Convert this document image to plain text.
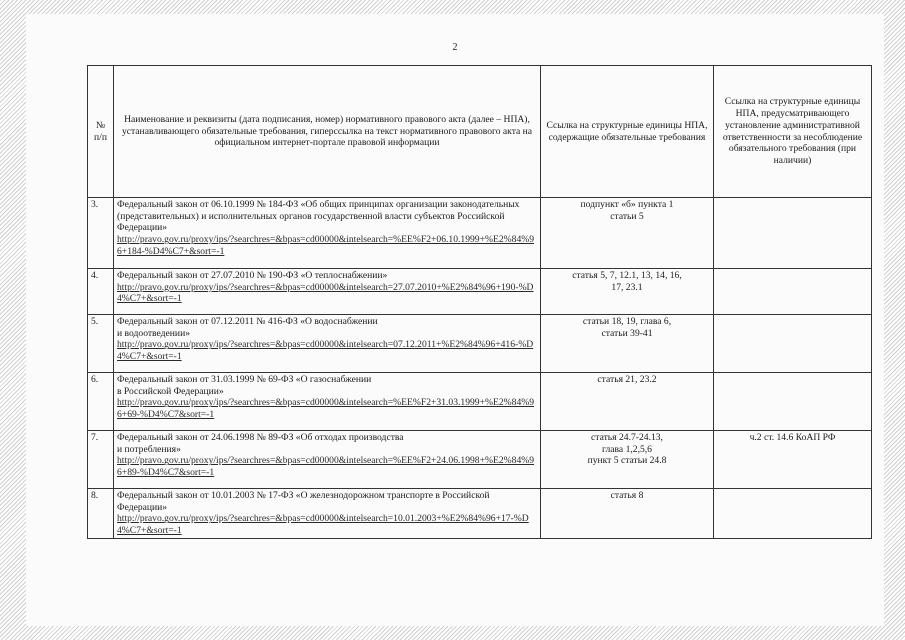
2
№
п/п	Наименование и реквизиты (дата подписания, номер) нормативного правового акта (далее – НПА), устанавливающего обязательные требования, гиперссылка на текст нормативного правового акта на официальном интернет-портале правовой информации	Ссылка на структурные единицы НПА, содержащие обязательные требования	Ссылка на структурные единицы НПА, предусматривающего установление административной ответственности за несоблюдение обязательного требования (при наличии)

3.	Федеральный закон от 06.10.1999 № 184-ФЗ «Об общих принципах организации законодательных (представительных) и исполнительных органов государственной власти субъектов Российской Федерации»
http://pravo.gov.ru/proxy/ips/?searchres=&bpas=cd00000&intelsearch=%EE%F2+06.10.1999+%E2%84%96+184-%D4%C7+&sort=-1	подпункт «б» пункта 1
статьи 5	

4.	Федеральный закон от 27.07.2010 № 190-ФЗ «О теплоснабжении»
http://pravo.gov.ru/proxy/ips/?searchres=&bpas=cd00000&intelsearch=27.07.2010+%E2%84%96+190-%D4%C7+&sort=-1	статья 5, 7, 12.1, 13, 14, 16,
17, 23.1	

5.	Федеральный закон от 07.12.2011 № 416-ФЗ «О водоснабжении
и водоотведении»
http://pravo.gov.ru/proxy/ips/?searchres=&bpas=cd00000&intelsearch=07.12.2011+%E2%84%96+416-%D4%C7+&sort=-1	статьи 18, 19, глава 6,
статьи 39-41	

6.	Федеральный закон от 31.03.1999 № 69-ФЗ «О газоснабжении
в Российской Федерации»
http://pravo.gov.ru/proxy/ips/?searchres=&bpas=cd00000&intelsearch=%EE%F2+31.03.1999+%E2%84%96+69-%D4%C7&sort=-1	статья 21, 23.2	

7.	Федеральный закон от 24.06.1998 № 89-ФЗ «Об отходах производства
и потребления»
http://pravo.gov.ru/proxy/ips/?searchres=&bpas=cd00000&intelsearch=%EE%F2+24.06.1998+%E2%84%96+89-%D4%C7&sort=-1	статья 24.7-24.13,
глава 1,2,5,6
пункт 5 статьи 24.8	ч.2 ст. 14.6 КоАП РФ
8.	Федеральный закон от 10.01.2003 № 17-ФЗ «О железнодорожном транспорте в Российской Федерации»
http://pravo.gov.ru/proxy/ips/?searchres=&bpas=cd00000&intelsearch=10.01.2003+%E2%84%96+17-%D4%C7+&sort=-1	статья 8	
